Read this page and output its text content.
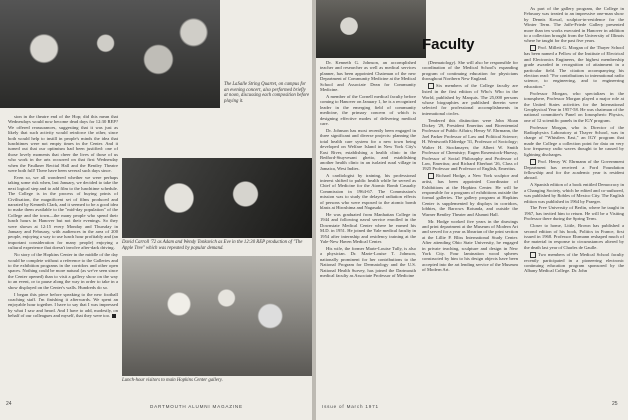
The LaSalle String Quartet, on campus for an evening concert, also performed briefly at noon, discussing each composition before playing it.

sion in the theatre end of the Hop; did this mean that Wednesdays would now become dead days for 12:30 REP? We offered reassurances, suggesting that it was just as likely that such activity would reinforce the other, since both would help to instill in people's minds the idea that lunchtimes were not empty times in the Center. And it turned out that our optimism had been justified: one of those lovely moments that cheer the lives of those of us who work in the arts occurred on that first Wednesday when the Faulkner Recital Hall and the Bentley Theatre were both full! There have been several such days since.

Even so, we all wondered whether we were perhaps taking some risk when, last January, we decided to take the next logical step and to add film to the lunchtime schedule. The College is in the process of buying prints of Civilisation, the magnificent set of films produced and narrated by Kenneth Clark, and it seemed to be a good idea to make them available to the "mid-day population" of the College and the town—the many people who spend their lunch hours in Hanover but not their evenings. So they were shown at 12:15 every Monday and Thursday in January and February, with audiences in the area of 200 people, enjoying a way to use lunch hour profitably and (an important consideration for many people) enjoying a cultural experience that doesn't involve after-dark driving.

No story of the Hopkins Center in the middle of the day would be complete without a reference to the Galleries and to the exhibition programs in the corridors and other open spaces. Nothing could be more natural (as we've seen since the Center opened) than to visit a gallery show on the way to an event, or to pause along the way in order to take in a show displayed on the Center's walls. Hundreds do so.

I began this piece before speaking to the new football coaching staff. I'm finishing it afterwards. We spent an enjoyable hour together. I have to say that I was impressed by what I saw and heard. And I have to add, modestly, on behalf of our colleagues and myself, that they were too.

David Carroll '72 as Adam and Wendy Tonkavich as Eve in the 12:30 REP production of "The Apple Tree" which was repeated by popular demand.
Lunch-hour visitors to main Hopkins Center gallery.
24	DARTMOUTH ALUMNI MAGAZINE
Faculty

Dr. Kenneth G. Johnson, an accomplished teacher and researcher as well as medical services planner, has been appointed Chairman of the new Department of Community Medicine at the Medical School and Associate Dean for Community Medicine.

A member of the Cornell medical faculty before coming to Hanover on January 1, he is a recognized leader in the emerging field of community medicine, the primary concern of which is designing effective modes of delivering medical care.

Dr. Johnson has most recently been engaged in three significant and diverse projects: planning the total health care system for a new town being developed on Welfare Island in New York City's East River, establishing a health clinic in the Bedford-Stuyvesant ghetto, and establishing another health clinic in an isolated rural village in Jamaica, West Indies.

A cardiologist by training, his professional interest shifted to public health while he served as Chief of Medicine for the Atomic Bomb Casualty Commission in 1964-67. The Commission's mission was to study the delayed radiation effects of persons who were exposed to the atomic bomb blasts at Hiroshima and Nagasaki.

He was graduated from Manhattan College in 1944 and following naval service enrolled in the Downstate Medical Center where he earned his M.D. in 1951. He joined the Yale medical faculty in 1954 after internship and residency training at the Yale-New Haven Medical Center.

His wife, the former Marie-Louise Tully, is also a physician. Dr. Marie-Louise T. Johnson, nationally prominent for her contributions to the National Program for Dermatology and the U.S. National Health Survey, has joined the Dartmouth medical faculty as Associate Professor of Medicine

(Dermatology). She will also be responsible for coordination of the Medical School's expanding program of continuing education for physicians throughout Northern New England.

Six members of the College faculty are listed in the first edition of Who's Who in the World, published by Marquis. The 25,000 persons whose biographies are published therein were selected for professional accomplishments in international circles.

Tendered this distinction were John Sloan Dickey '29, President Emeritus and Bicentennial Professor of Public Affairs; Henry W. Ehrmann, the Joel Parker Professor of Law and Political Science; H. Wentworth Eldredge '31, Professor of Sociology; Walter H. Stockmayer, the Albert W. Smith Professor of Chemistry; Eugen Rosenstock-Huessy, Professor of Social Philosophy and Professor of Law, Emeritus; and Richard Eberhart '26, Class of 1925 Professor and Professor of English, Emeritus.

Richard Hodge, a New York sculptor and artist, has been appointed Coordinator of Exhibitions at the Hopkins Center. He will be responsible for a program of exhibitions outside the formal galleries. The gallery program at Hopkins Center is supplemented by displays in corridors, lobbies, the Barrows Rotunda, and outside the Warner Bentley Theater and Alumni Hall.

Mr. Hodge worked five years in the drawings and print department at the Museum of Modern Art and served for a year as librarian of the print section at the Lillie P. Bliss International Study Center. After attending Ohio State University, he engaged in private teaching, sculpture and design in New York City. Four lamination wood spheres constructed by him to his design objects have been accepted into the art lending service of the Museum of Modern Art.

As part of the gallery program, the College in February was treated to an impressive one-man show by Dennis Kowal, sculptor-in-residence for the Winter Term. The Jaffe-Friede Gallery presented more than ten works executed in Hanover in addition to a collection brought from the University of Illinois where he taught for the past five years.

Prof. Millett G. Morgan of the Thayer School has been named a Fellow of the Institute of Electrical and Electronics Engineers, the highest membership grade awarded in recognition of attainment in a particular field. The citation accompanying his election read: "For contributions to international radio science, to engineering, and to engineering education."

Professor Morgan, who specializes in the ionosphere, Professor Morgan played a major role at the United States activities for the International Geophysical Year in 1957-58. He was chairman of the national committee's Panel on Ionospheric Physics, one of 12 scientific panels in the IGY program.

Professor Morgan, who is Director of the Radiophysics Laboratory at Thayer School, was in charge of "Whistlers East," an IGY program that made the College a collection point for data on very low frequency radio waves thought to be caused by lightning discharges.

Prof. Henry W. Ehrmann of the Government Department has received a Ford Foundation fellowship and for the academic year is resident abroad.

A Spanish edition of a book entitled Democracy in a Changing Society, which he edited and co-authored, was published by Robles of Mexico City. The English edition was published in 1964 by Praeger.

The Free University of Berlin, where he taught in 1967, has invited him to return. He will be a Visiting Professor there during the Spring Term.

Closer to home, Little, Brown has published a second edition of his book, Politics in France, first issued in 1968. Professor Ehrmann reshaped much of the material in response to circumstances altered by the death last year of Charles de Gaulle.

Two members of the Medical School faculty recently participated in a pioneering electronic continuing education program sponsored by the Albany Medical College. Dr. John

Issue of March 1971	25
